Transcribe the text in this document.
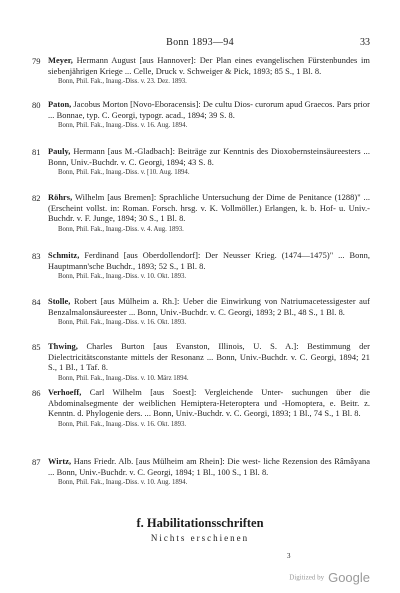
Bonn 1893—94	33
79 Meyer, Hermann August [aus Hannover]: Der Plan eines evangelischen Fürstenbundes im siebenjährigen Kriege ... Celle, Druck v. Schweiger & Pick, 1893; 85 S., 1 Bl. 8.
Bonn, Phil. Fak., Inaug.-Diss. v. 23. Dez. 1893.
80 Paton, Jacobus Morton [Novo-Eboracensis]: De cultu Dios- curorum apud Graecos. Pars prior ... Bonnae, typ. C. Georgi, typogr. acad., 1894; 39 S. 8.
Bonn, Phil. Fak., Inaug.-Diss. v. 16. Aug. 1894.
81 Pauly, Hermann [aus M.-Gladbach]: Beiträge zur Kenntnis des Dioxobernsteinsäureesters ... Bonn, Univ.-Buchdr. v. C. Georgi, 1894; 43 S. 8.
Bonn, Phil. Fak., Inaug.-Diss. v. [10. Aug. 1894.
82 Röhrs, Wilhelm [aus Bremen]: Sprachliche Untersuchung der Dime de Penitance (1288)" ... (Erscheint vollst. in: Roman. Forsch. hrsg. v. K. Vollmöller.) Erlangen, k. b. Hof- u. Univ.-Buchdr. v. F. Junge, 1894; 30 S., 1 Bl. 8.
Bonn, Phil. Fak., Inaug.-Diss. v. 4. Aug. 1893.
83 Schmitz, Ferdinand [aus Oberdollendorf]: Der Neusser Krieg. (1474—1475)" ... Bonn, Hauptmann'sche Buchdr., 1893; 52 S., 1 Bl. 8.
Bonn, Phil. Fak., Inaug.-Diss. v. 10. Okt. 1893.
84 Stolle, Robert [aus Mülheim a. Rh.]: Ueber die Einwirkung von Natriumacetessigester auf Benzalmalonsäureester ... Bonn, Univ.-Buchdr. v. C. Georgi, 1893; 2 Bl., 48 S., 1 Bl. 8.
Bonn, Phil. Fak., Inaug.-Diss. v. 16. Okt. 1893.
85 Thwing, Charles Burton [aus Evanston, Illinois, U. S. A.]: Bestimmung der Dielectricitätsconstante mittels der Resonanz ... Bonn, Univ.-Buchdr. v. C. Georgi, 1894; 21 S., 1 Bl., 1 Taf. 8.
Bonn, Phil. Fak., Inaug.-Diss. v. 10. März 1894.
86 Verhoeff, Carl Wilhelm [aus Soest]: Vergleichende Unter- suchungen über die Abdominalsegmente der weiblichen Hemiptera-Heteroptera und -Homoptera, e. Beitr. z. Kenntn. d. Phylogenie ders. ... Bonn, Univ.-Buchdr. v. C. Georgi, 1893; 1 Bl., 74 S., 1 Bl. 8.
Bonn, Phil. Fak., Inaug.-Diss. v. 16. Okt. 1893.
87 Wirtz, Hans Friedr. Alb. [aus Mülheim am Rhein]: Die west- liche Rezension des Râmâyana ... Bonn, Univ.-Buchdr. v. C. Georgi, 1894; 1 Bl., 100 S., 1 Bl. 8.
Bonn, Phil. Fak., Inaug.-Diss. v. 10. Aug. 1894.
f. Habilitationsschriften
Nichts erschienen
3
Digitized by Google
